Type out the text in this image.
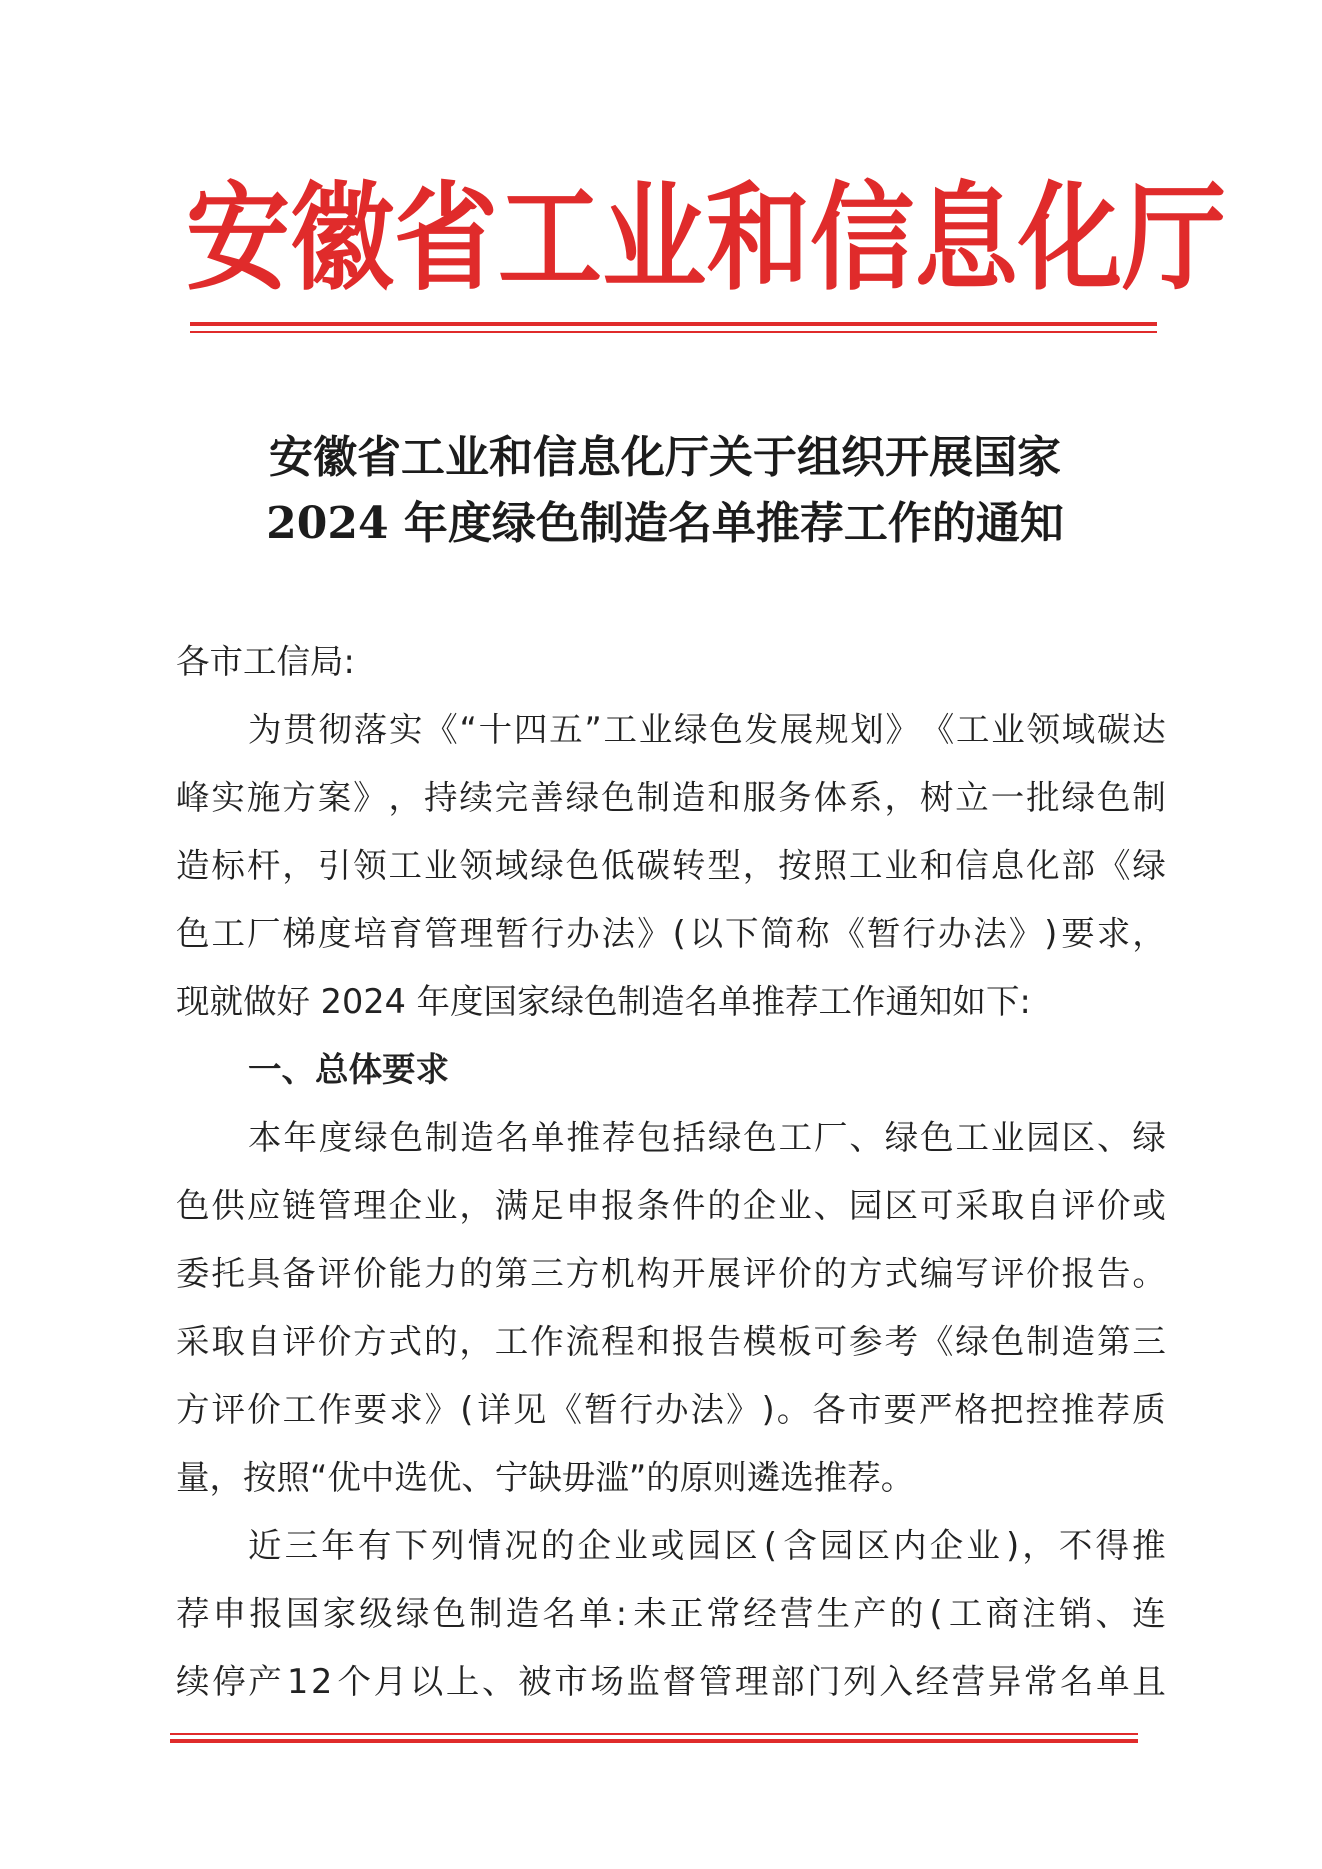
安 徽 省 工 业 和 信 息 化 厅
安徽省工业和信息化厅关于组织开展国家
2024 年度绿色制造名单推荐工作的通知
各市工信局:
为 贯 彻 落 实 《 “ 十 四 五 ” 工 业 绿 色 发 展 规 划 》 《 工 业 领 域 碳 达
峰 实 施 方 案 》 ， 持 续 完 善 绿 色 制 造 和 服 务 体 系 ， 树 立 一 批 绿 色 制
造 标 杆 ， 引 领 工 业 领 域 绿 色 低 碳 转 型 ， 按 照 工 业 和 信 息 化 部 《 绿
色 工 厂 梯 度 培 育 管 理 暂 行 办 法 》 ( 以 下 简 称 《 暂 行 办 法 》 ) 要 求 ，
现就做好 2024 年度国家绿色制造名单推荐工作通知如下:
一、总体要求
本 年 度 绿 色 制 造 名 单 推 荐 包 括 绿 色 工 厂 、 绿 色 工 业 园 区 、 绿
色 供 应 链 管 理 企 业 ， 满 足 申 报 条 件 的 企 业 、 园 区 可 采 取 自 评 价 或
委 托 具 备 评 价 能 力 的 第 三 方 机 构 开 展 评 价 的 方 式 编 写 评 价 报 告 。
采 取 自 评 价 方 式 的 ， 工 作 流 程 和 报 告 模 板 可 参 考 《 绿 色 制 造 第 三
方 评 价 工 作 要 求 》 ( 详 见 《 暂 行 办 法 》 ) 。 各 市 要 严 格 把 控 推 荐 质
量，按照“优中选优、宁缺毋滥”的原则遴选推荐。
近 三 年 有 下 列 情 况 的 企 业 或 园 区 ( 含 园 区 内 企 业 ) ， 不 得 推
荐 申 报 国 家 级 绿 色 制 造 名 单 : 未 正 常 经 营 生 产 的 ( 工 商 注 销 、 连
续 停 产 1 2 个 月 以 上 、 被 市 场 监 督 管 理 部 门 列 入 经 营 异 常 名 单 且
